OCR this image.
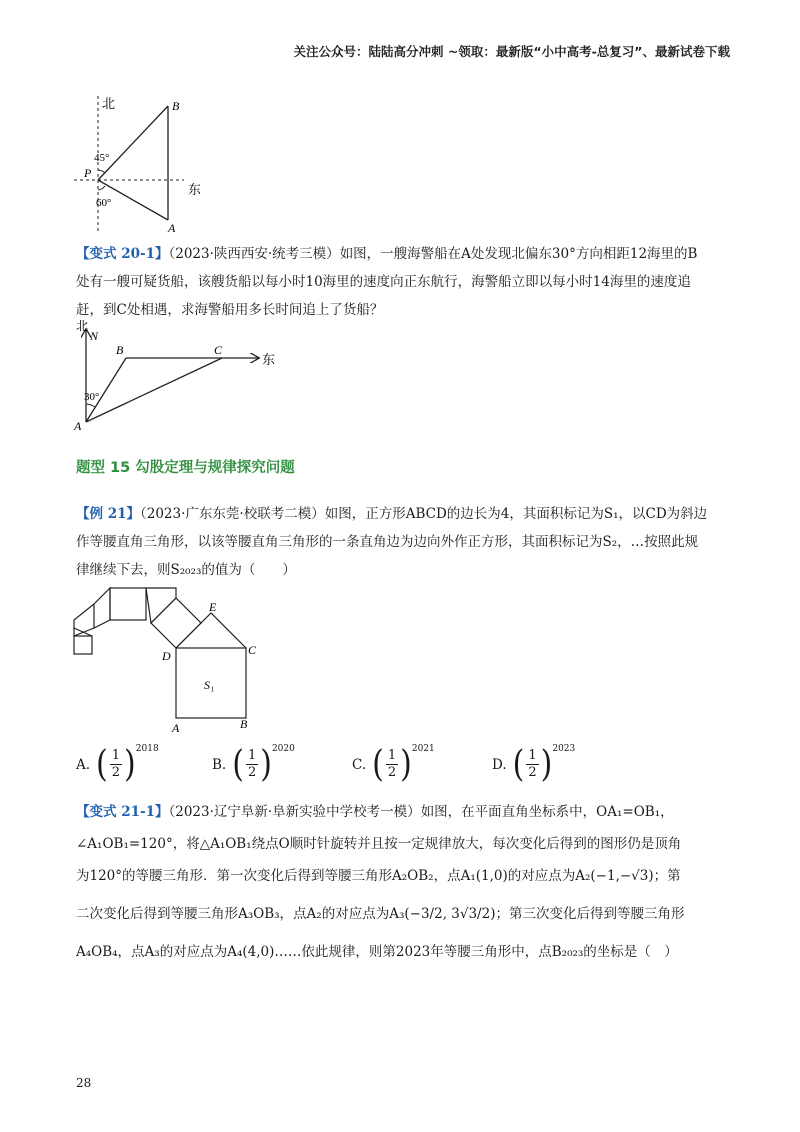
关注公众号：陆陆高分冲刺 ~领取：最新版“小中高考-总复习”、最新试卷下载
北	B
45°
P
东
60°
A
【变式 20-1】（2023·陕西西安·统考三模）如图，一艘海警船在A处发现北偏东30°方向相距12海里的B
处有一艘可疑货船，该艘货船以每小时10海里的速度向正东航行，海警船立即以每小时14海里的速度追
赶，到C处相遇，求海警船用多长时间追上了货船？
北
N
B	C
东
30°
A
题型 15 勾股定理与规律探究问题
【例 21】（2023·广东东莞·校联考二模）如图，正方形ABCD的边长为4，其面积标记为S₁，以CD为斜边
作等腰直角三角形，以该等腰直角三角形的一条直角边为边向外作正方形，其面积标记为S₂，…按照此规
律继续下去，则S₂₀₂₃的值为（　　）
E
C
D
S₁
A	B
A. ( $\frac{1}{2}$ ) 2018
B. ( $\frac{1}{2}$ ) 2020
C. ( $\frac{1}{2}$ ) 2021
D. ( $\frac{1}{2}$ ) 2023
【变式 21-1】（2023·辽宁阜新·阜新实验中学校考一模）如图，在平面直角坐标系中，OA₁=OB₁，
∠A₁OB₁=120°，将△A₁OB₁绕点O顺时针旋转并且按一定规律放大，每次变化后得到的图形仍是顶角
为120°的等腰三角形．第一次变化后得到等腰三角形A₂OB₂，点A₁(1,0)的对应点为A₂(−1,−√3)；第
二次变化后得到等腰三角形A₃OB₃，点A₂的对应点为A₃(−3/2, 3√3/2)；第三次变化后得到等腰三角形
A₄OB₄，点A₃的对应点为A₄(4,0)……依此规律，则第2023年等腰三角形中，点B₂₀₂₃的坐标是（　）
28
